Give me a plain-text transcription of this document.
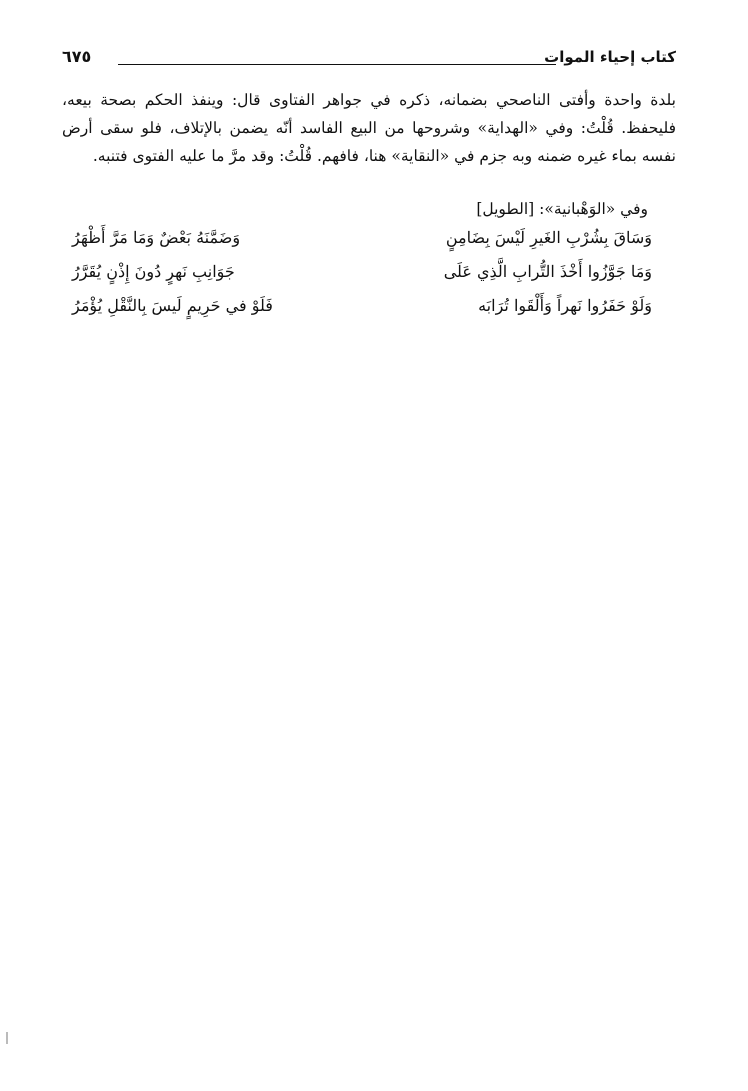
كتاب إحياء الموات
٦٧٥

بلدة واحدة وأفتى الناصحي بضمانه، ذكره في جواهر الفتاوى قال: وينفذ الحكم بصحة بيعه، فليحفظ. قُلْتُ: وفي «الهداية» وشروحها من البيع الفاسد أنّه يضمن بالإتلاف، فلو سقى أرض نفسه بماء غيره ضمنه وبه جزم في «النقاية» هنا، فافهم. قُلْتُ: وقد مرَّ ما عليه الفتوى فتنبه.

وفي «الوَهْبانية»: [الطويل]
وَسَاقَ بِشُرْبِ الغَيرِ لَيْسَ بِضَامِنٍ
وَضَمَّنَهُ بَعْضٌ وَمَا مَرَّ أَظْهَرُ
وَمَا جَوَّزُوا أَخْذَ التُّرابِ الَّذِي عَلَى
جَوَانِبِ نَهرٍ دُونَ إِذْنٍ يُقَرَّرُ
وَلَوْ حَفَرُوا نَهراً وَأَلْقَوا تُرَابَه
فَلَوْ في حَرِيمٍ لَيسَ بِالنَّقْلِ يُؤْمَرُ
